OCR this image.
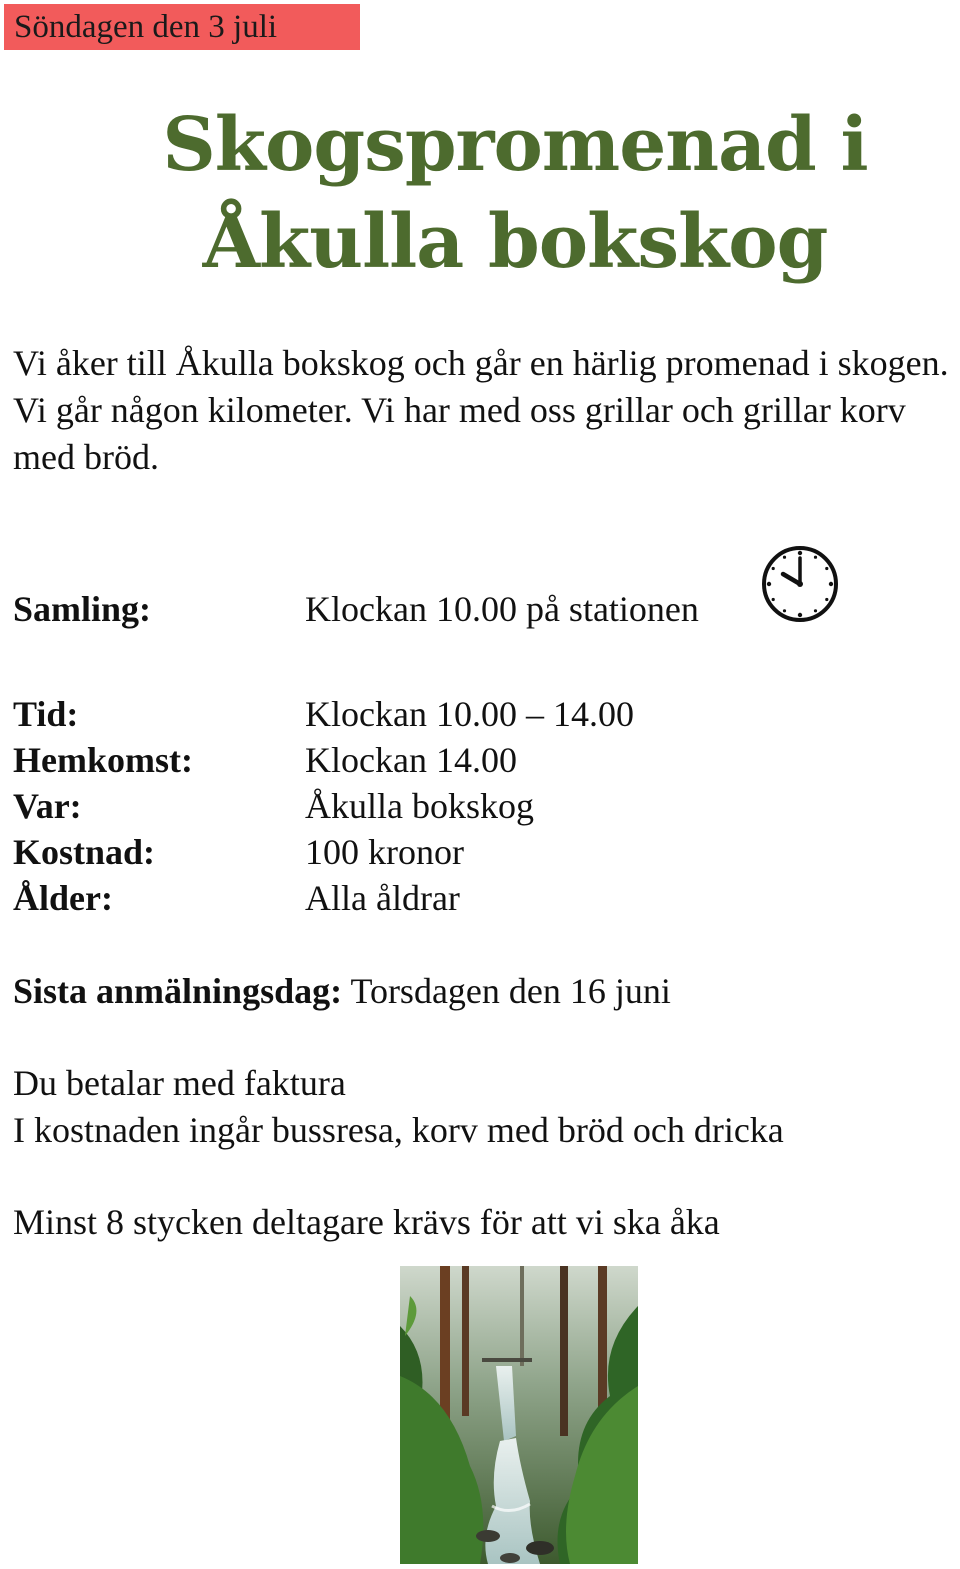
Söndagen den 3 juli
Skogspromenad i
Åkulla bokskog

Vi åker till Åkulla bokskog och går en härlig promenad i skogen. Vi går någon kilometer. Vi har med oss grillar och grillar korv med bröd.

Samling:	Klockan 10.00 på stationen
Tid:	Klockan 10.00 – 14.00
Hemkomst:	Klockan 14.00
Var:	Åkulla bokskog
Kostnad:	100 kronor
Ålder:	Alla åldrar
Sista anmälningsdag: Torsdagen den 16 juni
Du betalar med faktura
I kostnaden ingår bussresa, korv med bröd och dricka
Minst 8 stycken deltagare krävs för att vi ska åka
